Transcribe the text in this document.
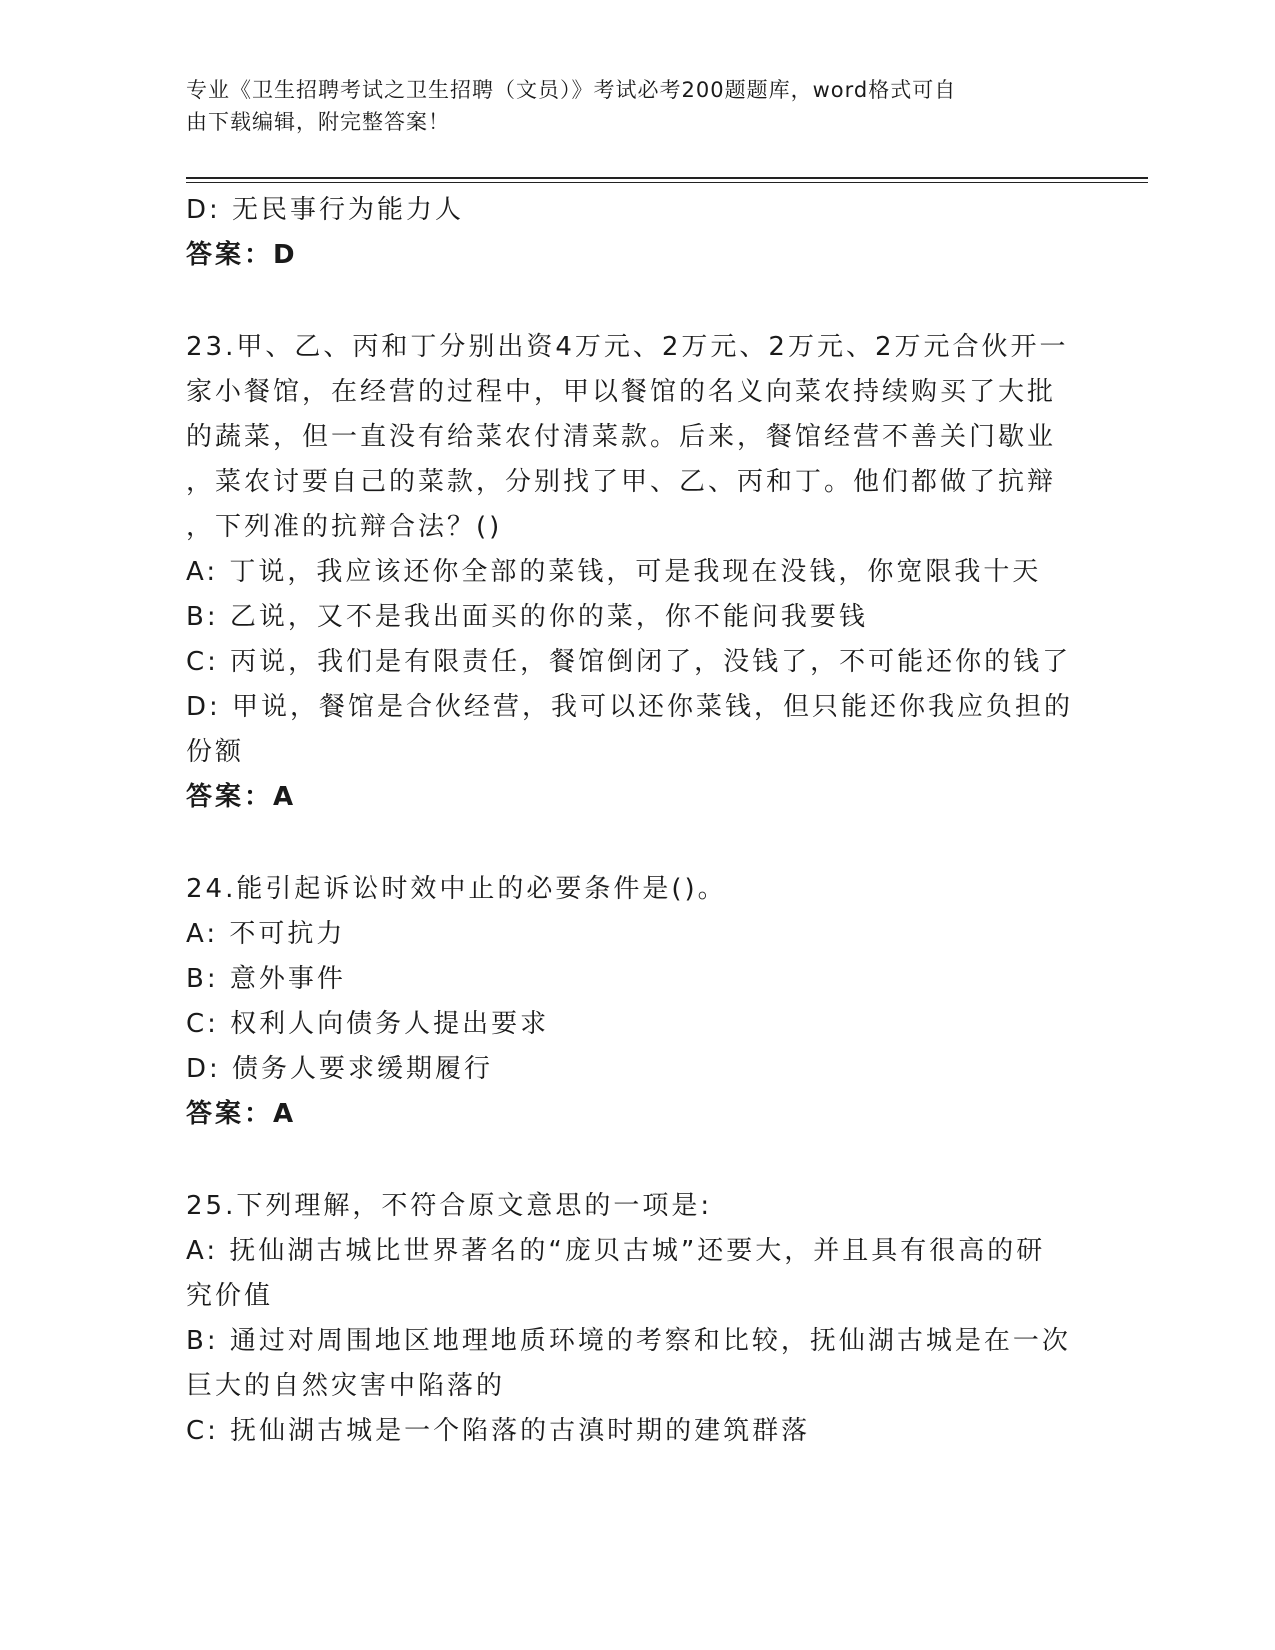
专业《卫生招聘考试之卫生招聘（文员）》考试必考200题题库，word格式可自
由下载编辑，附完整答案！
D: 无民事行为能力人
答案：D
23.甲、乙、丙和丁分别出资4万元、2万元、2万元、2万元合伙开一
家小餐馆，在经营的过程中，甲以餐馆的名义向菜农持续购买了大批
的蔬菜，但一直没有给菜农付清菜款。后来，餐馆经营不善关门歇业
，菜农讨要自己的菜款，分别找了甲、乙、丙和丁。他们都做了抗辩
，下列准的抗辩合法？()
A: 丁说，我应该还你全部的菜钱，可是我现在没钱，你宽限我十天
B: 乙说，又不是我出面买的你的菜，你不能问我要钱
C: 丙说，我们是有限责任，餐馆倒闭了，没钱了，不可能还你的钱了
D: 甲说，餐馆是合伙经营，我可以还你菜钱，但只能还你我应负担的
份额
答案：A
24.能引起诉讼时效中止的必要条件是()。
A: 不可抗力
B: 意外事件
C: 权利人向债务人提出要求
D: 债务人要求缓期履行
答案：A
25.下列理解，不符合原文意思的一项是:
A: 抚仙湖古城比世界著名的“庞贝古城”还要大，并且具有很高的研
究价值
B: 通过对周围地区地理地质环境的考察和比较，抚仙湖古城是在一次
巨大的自然灾害中陷落的
C: 抚仙湖古城是一个陷落的古滇时期的建筑群落
